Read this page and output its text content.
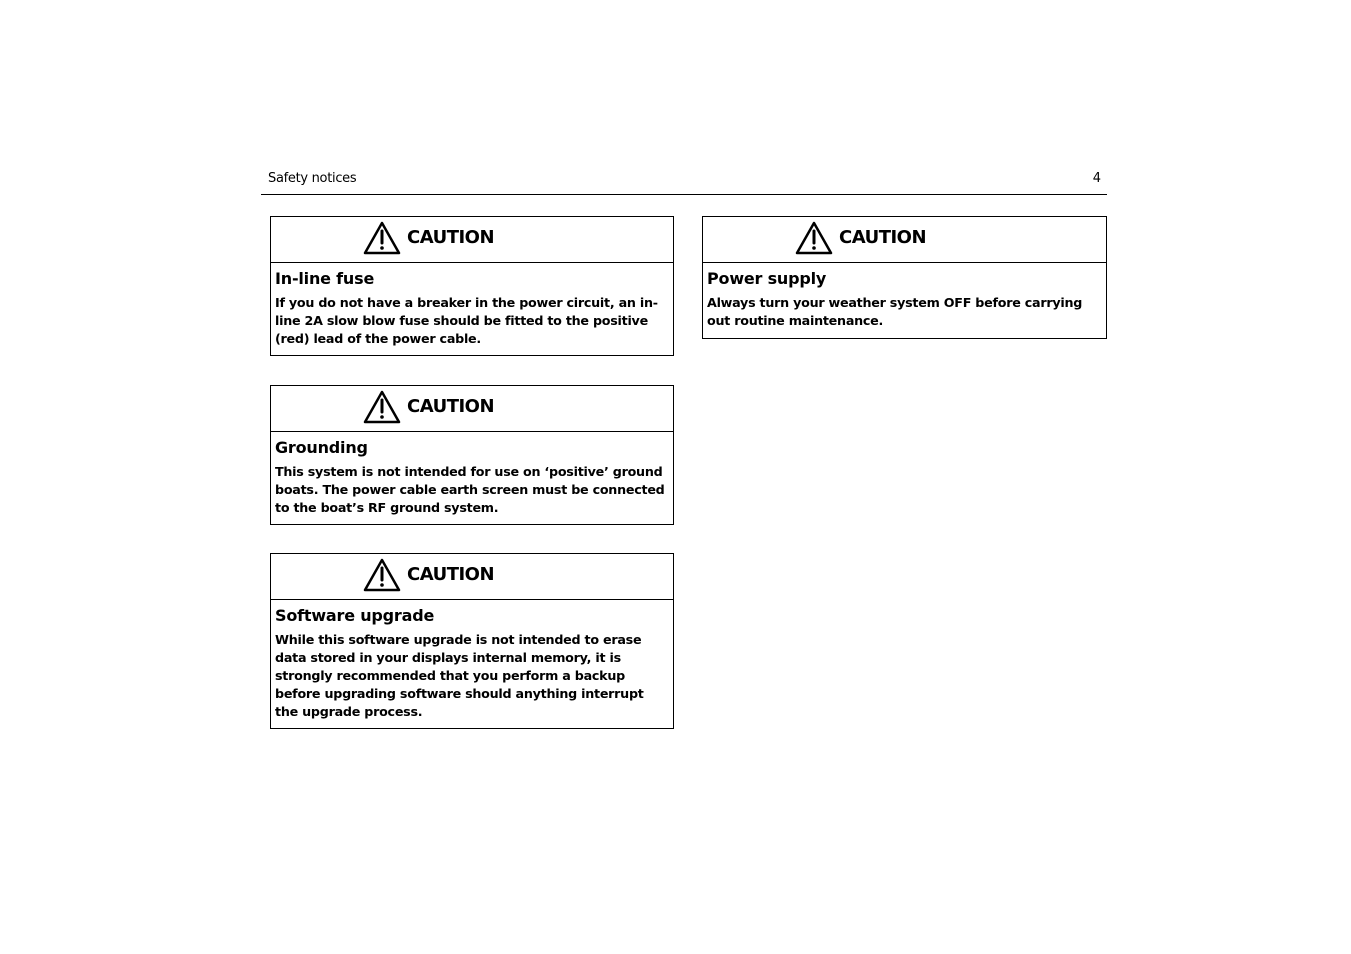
Safety notices	4
CAUTION
In-line fuse
If you do not have a breaker in the power circuit, an in-line 2A slow blow fuse should be fitted to the positive (red) lead of the power cable.
CAUTION
Grounding
This system is not intended for use on ‘positive’ ground boats. The power cable earth screen must be connected to the boat’s RF ground system.
CAUTION
Software upgrade
While this software upgrade is not intended to erase data stored in your displays internal memory, it is strongly recommended that you perform a backup before upgrading software should anything interrupt the upgrade process.
CAUTION
Power supply
Always turn your weather system OFF before carrying out routine maintenance.
